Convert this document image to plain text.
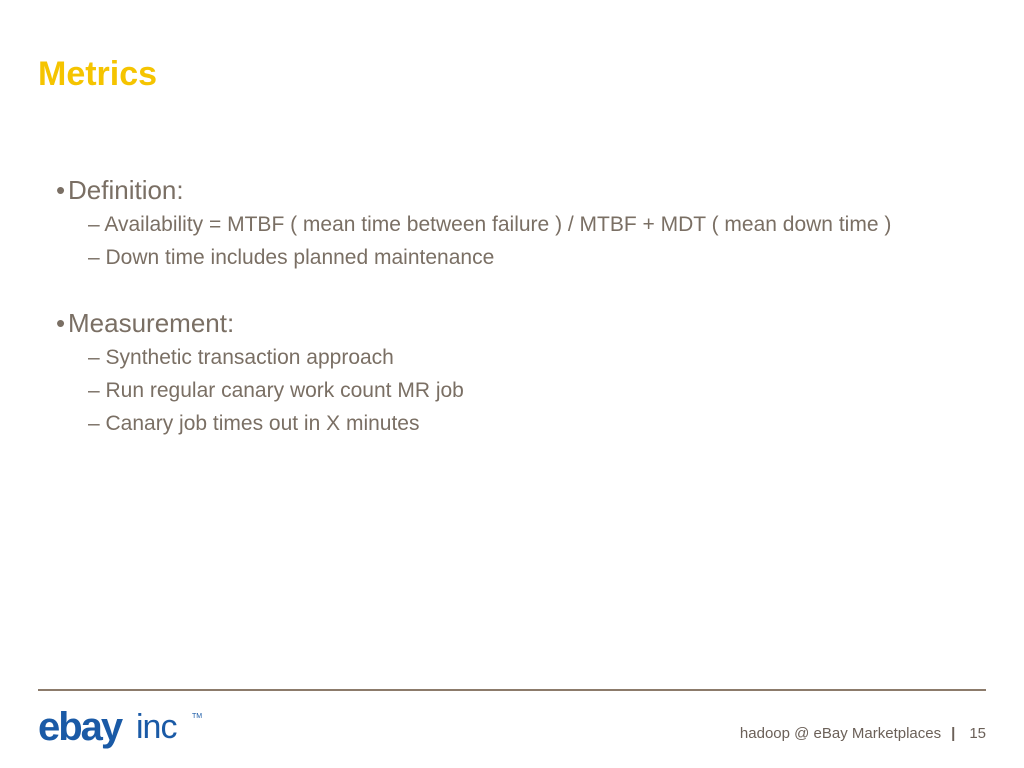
Metrics

• Definition:

– Availability = MTBF ( mean time between failure ) / MTBF + MDT ( mean down time )
– Down time includes planned maintenance

• Measurement:

– Synthetic transaction approach
– Run regular canary work count MR job
– Canary job times out in X minutes
ebay inc TM
hadoop @ eBay Marketplaces | 15
